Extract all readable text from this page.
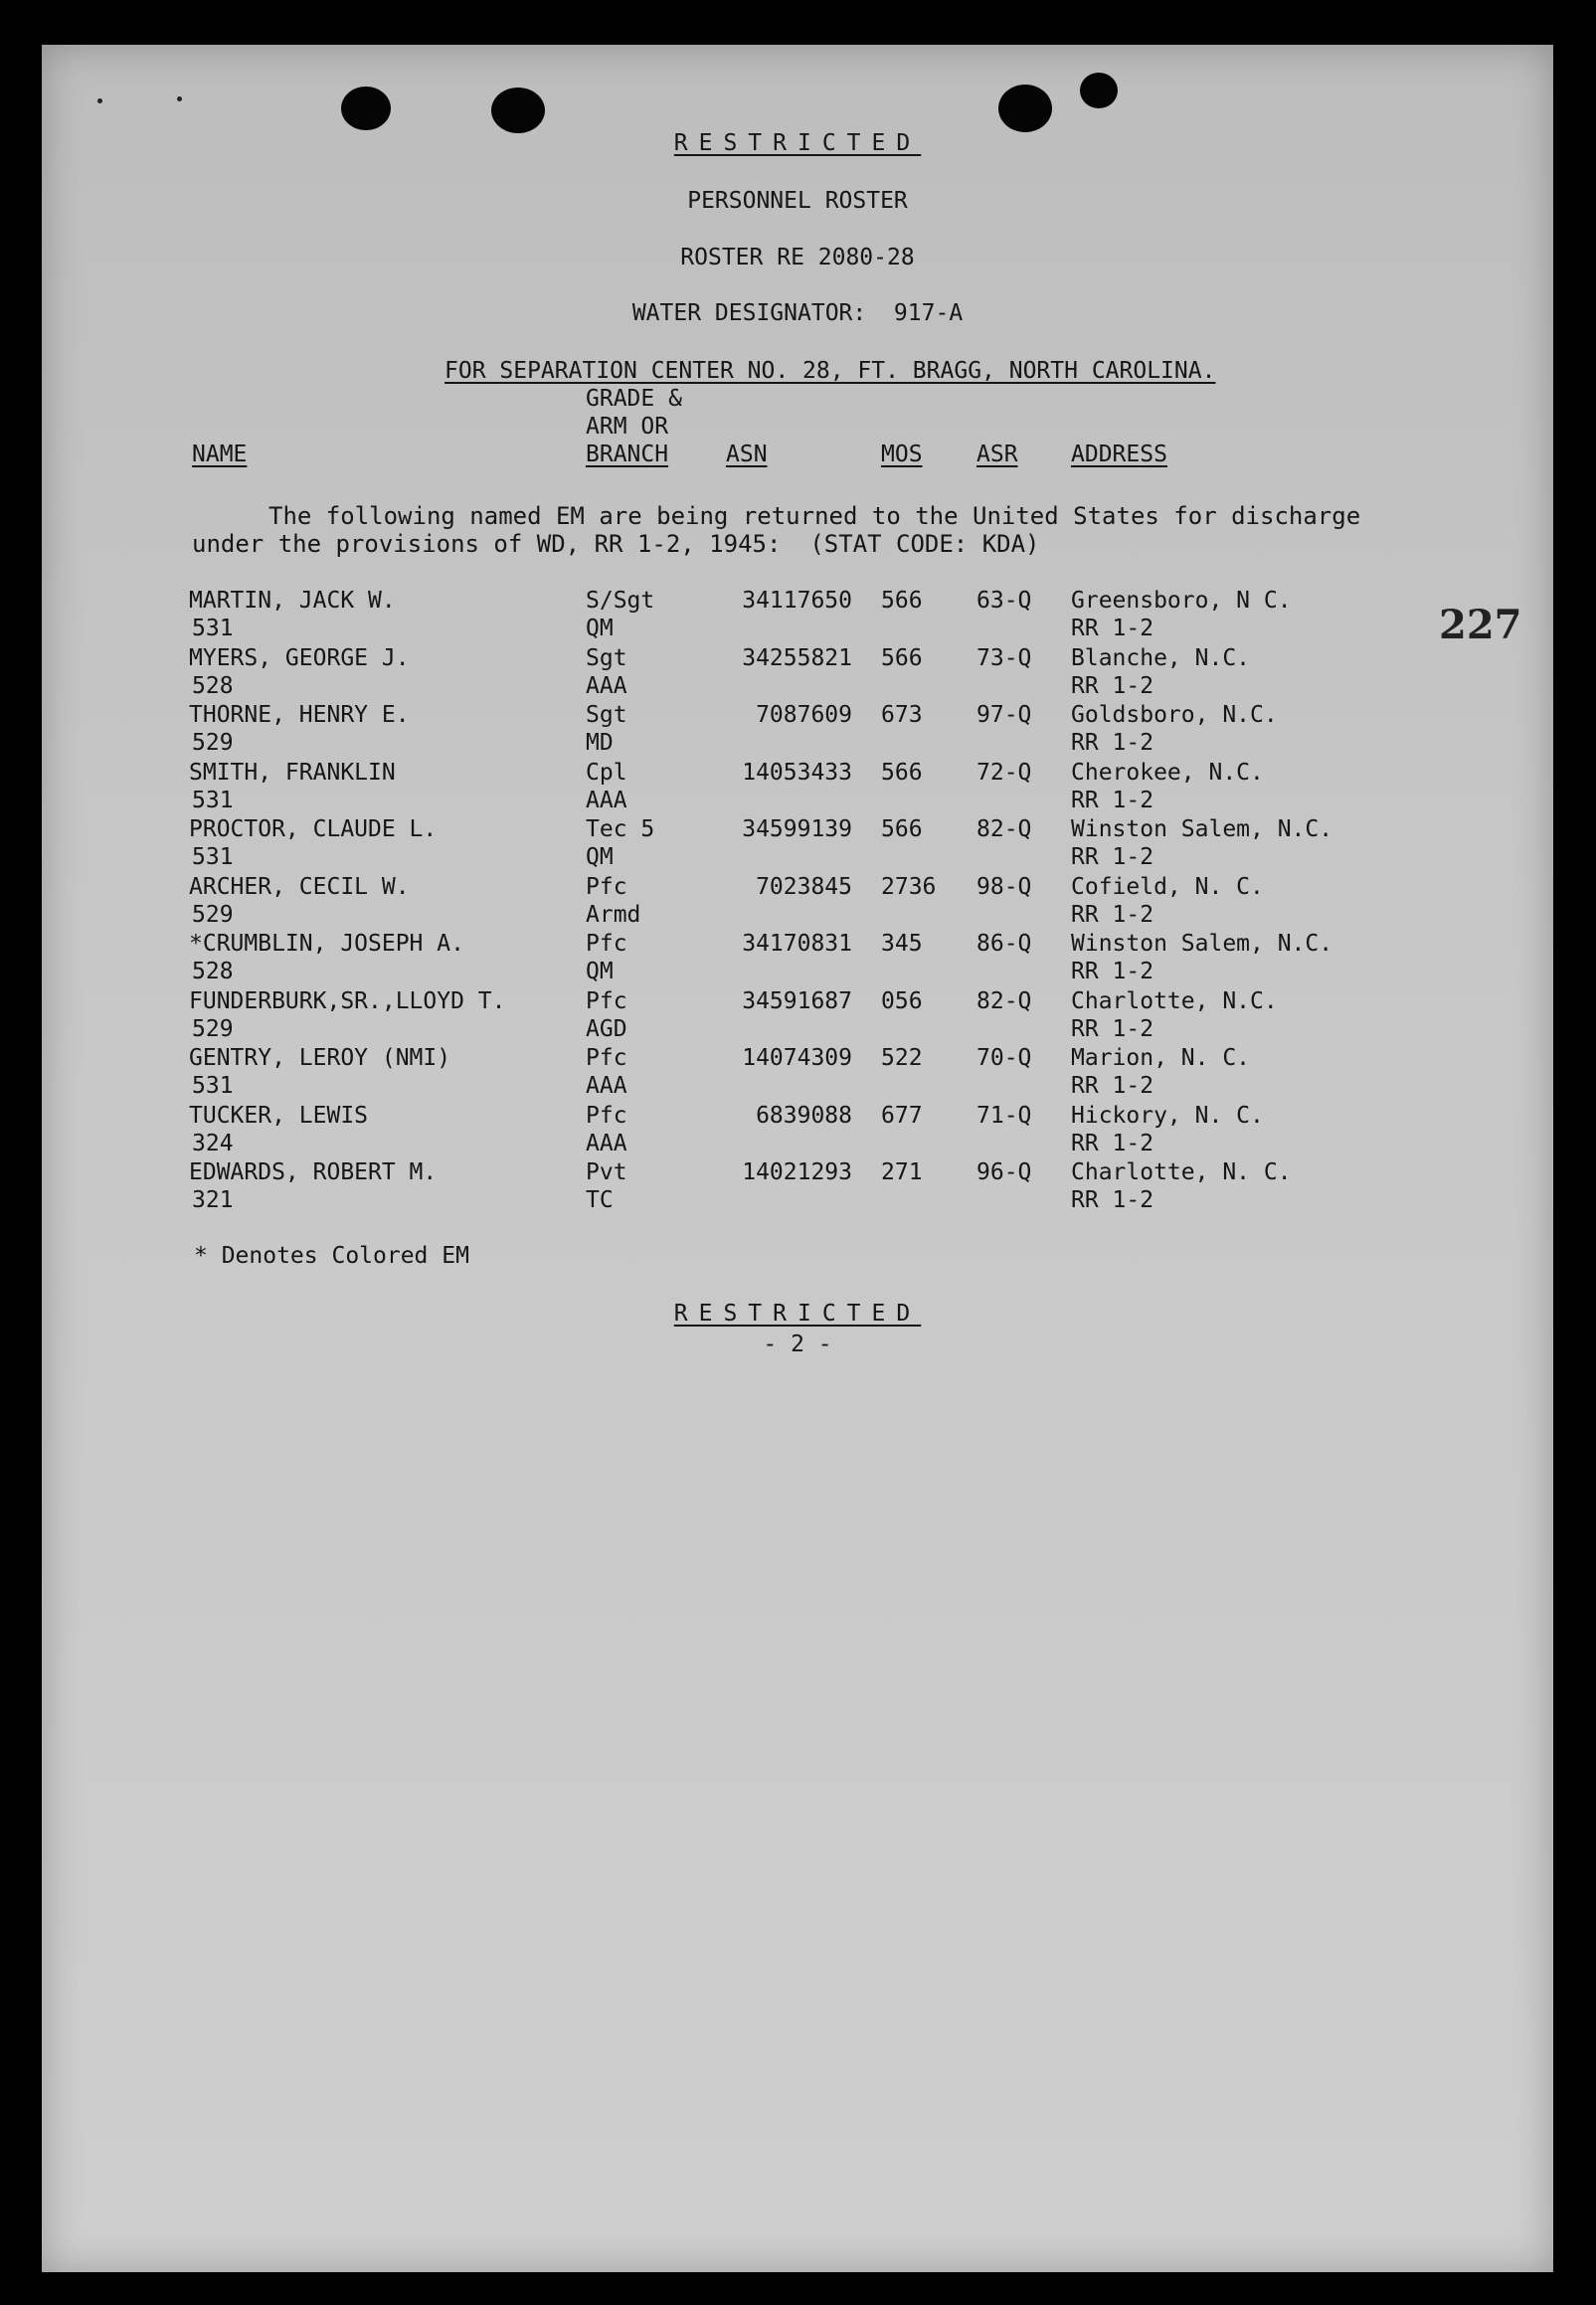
RESTRICTED
PERSONNEL ROSTER
ROSTER RE 2080-28
WATER DESIGNATOR:  917-A
FOR SEPARATION CENTER NO. 28, FT. BRAGG, NORTH CAROLINA.
GRADE &
ARM OR
BRANCH
NAME	ASN	MOS ASR ADDRESS
The following named EM are being returned to the United States for discharge
under the provisions of WD, RR 1-2, 1945:  (STAT CODE: KDA)
227
MARTIN, JACK W.
531
S/Sgt
QM
34117650 566 63-Q Greensboro, N C.
RR 1-2
MYERS, GEORGE J.
528
Sgt
AAA
34255821 566 73-Q Blanche, N.C.
RR 1-2
THORNE, HENRY E.
529
Sgt
MD
7087609 673 97-Q Goldsboro, N.C.
RR 1-2
SMITH, FRANKLIN
531
Cpl
AAA
14053433 566 72-Q Cherokee, N.C.
RR 1-2
PROCTOR, CLAUDE L.
531
Tec 5
QM
34599139 566 82-Q Winston Salem, N.C.
RR 1-2
ARCHER, CECIL W.
529
Pfc
Armd
7023845 2736 98-Q Cofield, N. C.
RR 1-2
*CRUMBLIN, JOSEPH A.
528
Pfc
QM
34170831 345 86-Q Winston Salem, N.C.
RR 1-2
FUNDERBURK,SR.,LLOYD T.
529
Pfc
AGD
34591687 056 82-Q Charlotte, N.C.
RR 1-2
GENTRY, LEROY (NMI)
531
Pfc
AAA
14074309 522 70-Q Marion, N. C.
RR 1-2
TUCKER, LEWIS
324
Pfc
AAA
6839088 677 71-Q Hickory, N. C.
RR 1-2
EDWARDS, ROBERT M.
321
Pvt
TC
14021293 271 96-Q Charlotte, N. C.
RR 1-2
* Denotes Colored EM
RESTRICTED
- 2 -
